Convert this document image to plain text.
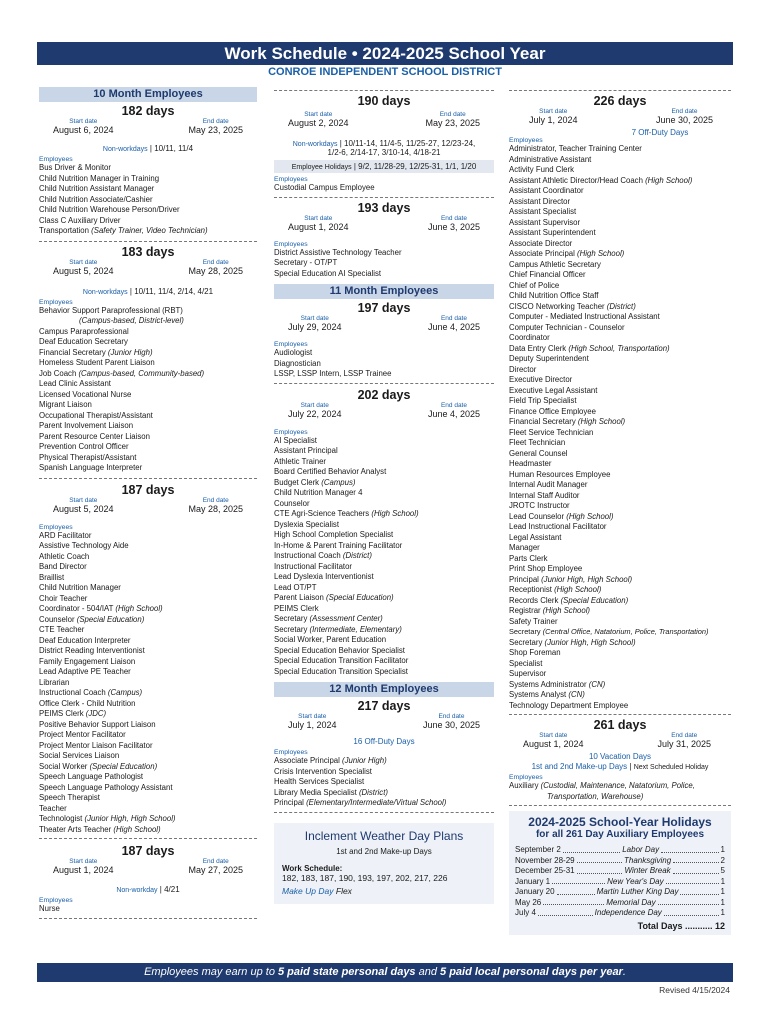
Work Schedule • 2024-2025 School Year
CONROE INDEPENDENT SCHOOL DISTRICT
10 Month Employees
182 days
Start date
August 6, 2024
End date
May 23, 2025
Non-workdays | 10/11, 11/4
Employees
Bus Driver & Monitor
Child Nutrition Manager in Training
Child Nutrition Assistant Manager
Child Nutrition Associate/Cashier
Child Nutrition Warehouse Person/Driver
Class C Auxiliary Driver
Transportation (Safety Trainer, Video Technician)
183 days
Start date
August 5, 2024
End date
May 28, 2025
Non-workdays | 10/11, 11/4, 2/14, 4/21
Employees
Behavior Support Paraprofessional (RBT)
(Campus-based, District-level)
Campus Paraprofessional
Deaf Education Secretary
Financial Secretary (Junior High)
Homeless Student Parent Liaison
Job Coach (Campus-based, Community-based)
Lead Clinic Assistant
Licensed Vocational Nurse
Migrant Liaison
Occupational Therapist/Assistant
Parent Involvement Liaison
Parent Resource Center Liaison
Prevention Control Officer
Physical Therapist/Assistant
Spanish Language Interpreter
187 days
Start date
August 5, 2024
End date
May 28, 2025
Employees
ARD Facilitator
Assistive Technology Aide
Athletic Coach
Band Director
Braillist
Child Nutrition Manager
Choir Teacher
Coordinator - 504/IAT (High School)
Counselor (Special Education)
CTE Teacher
Deaf Education Interpreter
District Reading Interventionist
Family Engagement Liaison
Lead Adaptive PE Teacher
Librarian
Instructional Coach (Campus)
Office Clerk - Child Nutrition
PEIMS Clerk (JDC)
Positive Behavior Support Liaison
Project Mentor Facilitator
Project Mentor Liaison Facilitator
Social Services Liaison
Social Worker (Special Education)
Speech Language Pathologist
Speech Language Pathology Assistant
Speech Therapist
Teacher
Technologist (Junior High, High School)
Theater Arts Teacher (High School)
187 days
Start date
August 1, 2024
End date
May 27, 2025
Non-workday | 4/21
Employees
Nurse
190 days
Start date
August 2, 2024
End date
May 23, 2025
Non-workdays | 10/11-14, 11/4-5, 11/25-27, 12/23-24,
1/2-6, 2/14-17, 3/10-14, 4/18-21
Employee Holidays | 9/2, 11/28-29, 12/25-31, 1/1, 1/20
Employees
Custodial Campus Employee
193 days
Start date
August 1, 2024
End date
June 3, 2025
Employees
District Assistive Technology Teacher
Secretary - OT/PT
Special Education AI Specialist
11 Month Employees
197 days
Start date
July 29, 2024
End date
June 4, 2025
Employees
Audiologist
Diagnostician
LSSP, LSSP Intern, LSSP Trainee
202 days
Start date
July 22, 2024
End date
June 4, 2025
Employees
AI Specialist
Assistant Principal
Athletic Trainer
Board Certified Behavior Analyst
Budget Clerk (Campus)
Child Nutrition Manager 4
Counselor
CTE Agri-Science Teachers (High School)
Dyslexia Specialist
High School Completion Specialist
In-Home & Parent Training Facilitator
Instructional Coach (District)
Instructional Facilitator
Lead Dyslexia Interventionist
Lead OT/PT
Parent Liaison (Special Education)
PEIMS Clerk
Secretary (Assessment Center)
Secretary (Intermediate, Elementary)
Social Worker, Parent Education
Special Education Behavior Specialist
Special Education Transition Facilitator
Special Education Transition Specialist
12 Month Employees
217 days
Start date
July 1, 2024
End date
June 30, 2025
16 Off-Duty Days
Employees
Associate Principal (Junior High)
Crisis Intervention Specialist
Health Services Specialist
Library Media Specialist (District)
Principal (Elementary/Intermediate/Virtual School)
Inclement Weather Day Plans
1st and 2nd Make-up Days
Work Schedule:
182, 183, 187, 190, 193, 197, 202, 217, 226
Make Up Day Flex
226 days
Start date
July 1, 2024
End date
June 30, 2025
7 Off-Duty Days
Employees
Administrator, Teacher Training Center
Administrative Assistant
Activity Fund Clerk
Assistant Athletic Director/Head Coach (High School)
Assistant Coordinator
Assistant Director
Assistant Specialist
Assistant Supervisor
Assistant Superintendent
Associate Director
Associate Principal (High School)
Campus Athletic Secretary
Chief Financial Officer
Chief of Police
Child Nutrition Office Staff
CISCO Networking Teacher (District)
Computer - Mediated Instructional Assistant
Computer Technician - Counselor
Coordinator
Data Entry Clerk (High School, Transportation)
Deputy Superintendent
Director
Executive Director
Executive Legal Assistant
Field Trip Specialist
Finance Office Employee
Financial Secretary (High School)
Fleet Service Technician
Fleet Technician
General Counsel
Headmaster
Human Resources Employee
Internal Audit Manager
Internal Staff Auditor
JROTC Instructor
Lead Counselor (High School)
Lead Instructional Facilitator
Legal Assistant
Manager
Parts Clerk
Print Shop Employee
Principal (Junior High, High School)
Receptionist (High School)
Records Clerk (Special Education)
Registrar (High School)
Safety Trainer
Secretary (Central Office, Natatorium, Police, Transportation)
Secretary (Junior High, High School)
Shop Foreman
Specialist
Supervisor
Systems Administrator (CN)
Systems Analyst (CN)
Technology Department Employee
261 days
Start date
August 1, 2024
End date
July 31, 2025
10 Vacation Days
1st and 2nd Make-up Days | Next Scheduled Holiday
Employees
Auxiliary (Custodial, Maintenance, Natatorium, Police,
Transportation, Warehouse)
2024-2025 School-Year Holidays
for all 261 Day Auxiliary Employees
September 2	Labor Day	1
November 28-29	Thanksgiving	2
December 25-31	Winter Break	5
January 1	New Year's Day	1
January 20	Martin Luther King Day	1
May 26	Memorial Day	1
July 4	Independence Day	1
Total Days ........... 12
Employees may earn up to 5 paid state personal days and 5 paid local personal days per year.
Revised 4/15/2024
